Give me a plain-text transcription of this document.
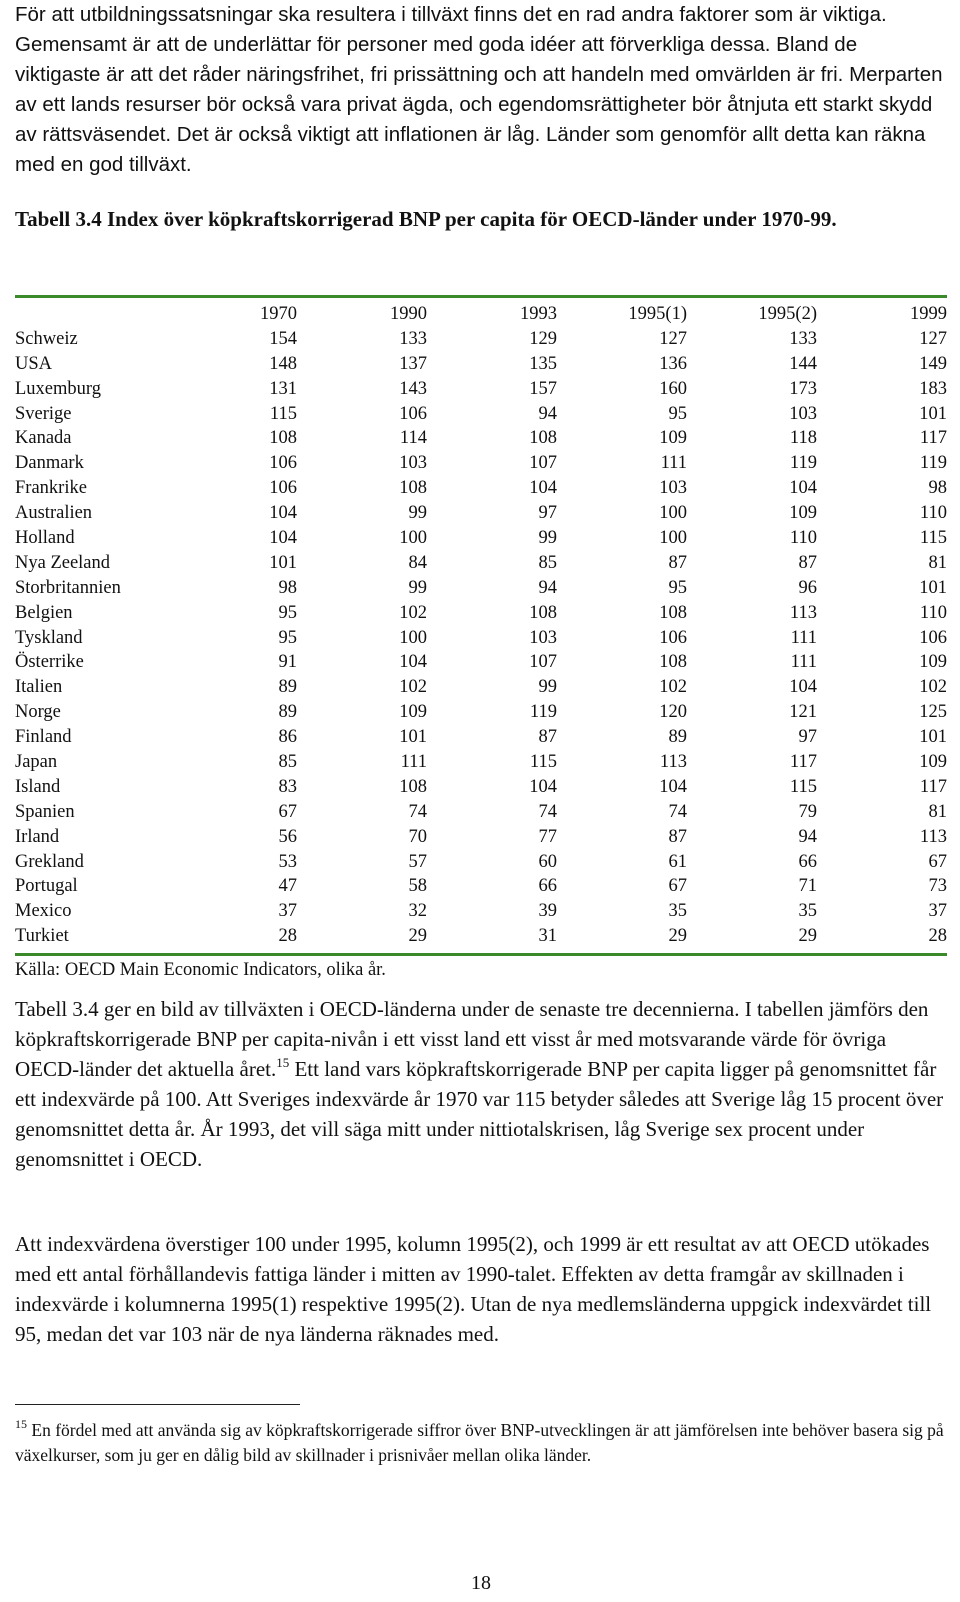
För att utbildningssatsningar ska resultera i tillväxt finns det en rad andra faktorer som är viktiga. Gemensamt är att de underlättar för personer med goda idéer att förverkliga dessa. Bland de viktigaste är att det råder näringsfrihet, fri prissättning och att handeln med omvärlden är fri. Merparten av ett lands resurser bör också vara privat ägda, och egendomsrättigheter bör åtnjuta ett starkt skydd av rättsväsendet. Det är också viktigt att inflationen är låg. Länder som genomför allt detta kan räkna med en god tillväxt.

Tabell 3.4 Index över köpkraftskorrigerad BNP per capita för OECD-länder under 1970-99.

	1970	1990	1993	1995(1)	1995(2)	1999
Schweiz	154	133	129	127	133	127
USA	148	137	135	136	144	149
Luxemburg	131	143	157	160	173	183
Sverige	115	106	94	95	103	101
Kanada	108	114	108	109	118	117
Danmark	106	103	107	111	119	119
Frankrike	106	108	104	103	104	98
Australien	104	99	97	100	109	110
Holland	104	100	99	100	110	115
Nya Zeeland	101	84	85	87	87	81
Storbritannien	98	99	94	95	96	101
Belgien	95	102	108	108	113	110
Tyskland	95	100	103	106	111	106
Österrike	91	104	107	108	111	109
Italien	89	102	99	102	104	102
Norge	89	109	119	120	121	125
Finland	86	101	87	89	97	101
Japan	85	111	115	113	117	109
Island	83	108	104	104	115	117
Spanien	67	74	74	74	79	81
Irland	56	70	77	87	94	113
Grekland	53	57	60	61	66	67
Portugal	47	58	66	67	71	73
Mexico	37	32	39	35	35	37
Turkiet	28	29	31	29	29	28
Källa: OECD Main Economic Indicators, olika år.

Tabell 3.4 ger en bild av tillväxten i OECD-länderna under de senaste tre decennierna. I tabellen jämförs den köpkraftskorrigerade BNP per capita-nivån i ett visst land ett visst år med motsvarande värde för övriga OECD-länder det aktuella året.$^{15}$ Ett land vars köpkraftskorrigerade BNP per capita ligger på genomsnittet får ett indexvärde på 100. Att Sveriges indexvärde år 1970 var 115 betyder således att Sverige låg 15 procent över genomsnittet detta år. År 1993, det vill säga mitt under nittiotalskrisen, låg Sverige sex procent under genomsnittet i OECD.

Att indexvärdena överstiger 100 under 1995, kolumn 1995(2), och 1999 är ett resultat av att OECD utökades med ett antal förhållandevis fattiga länder i mitten av 1990-talet. Effekten av detta framgår av skillnaden i indexvärde i kolumnerna 1995(1) respektive 1995(2). Utan de nya medlemsländerna uppgick indexvärdet till 95, medan det var 103 när de nya länderna räknades med.

$^{15}$ En fördel med att använda sig av köpkraftskorrigerade siffror över BNP-utvecklingen är att jämförelsen inte behöver basera sig på växelkurser, som ju ger en dålig bild av skillnader i prisnivåer mellan olika länder.

18
